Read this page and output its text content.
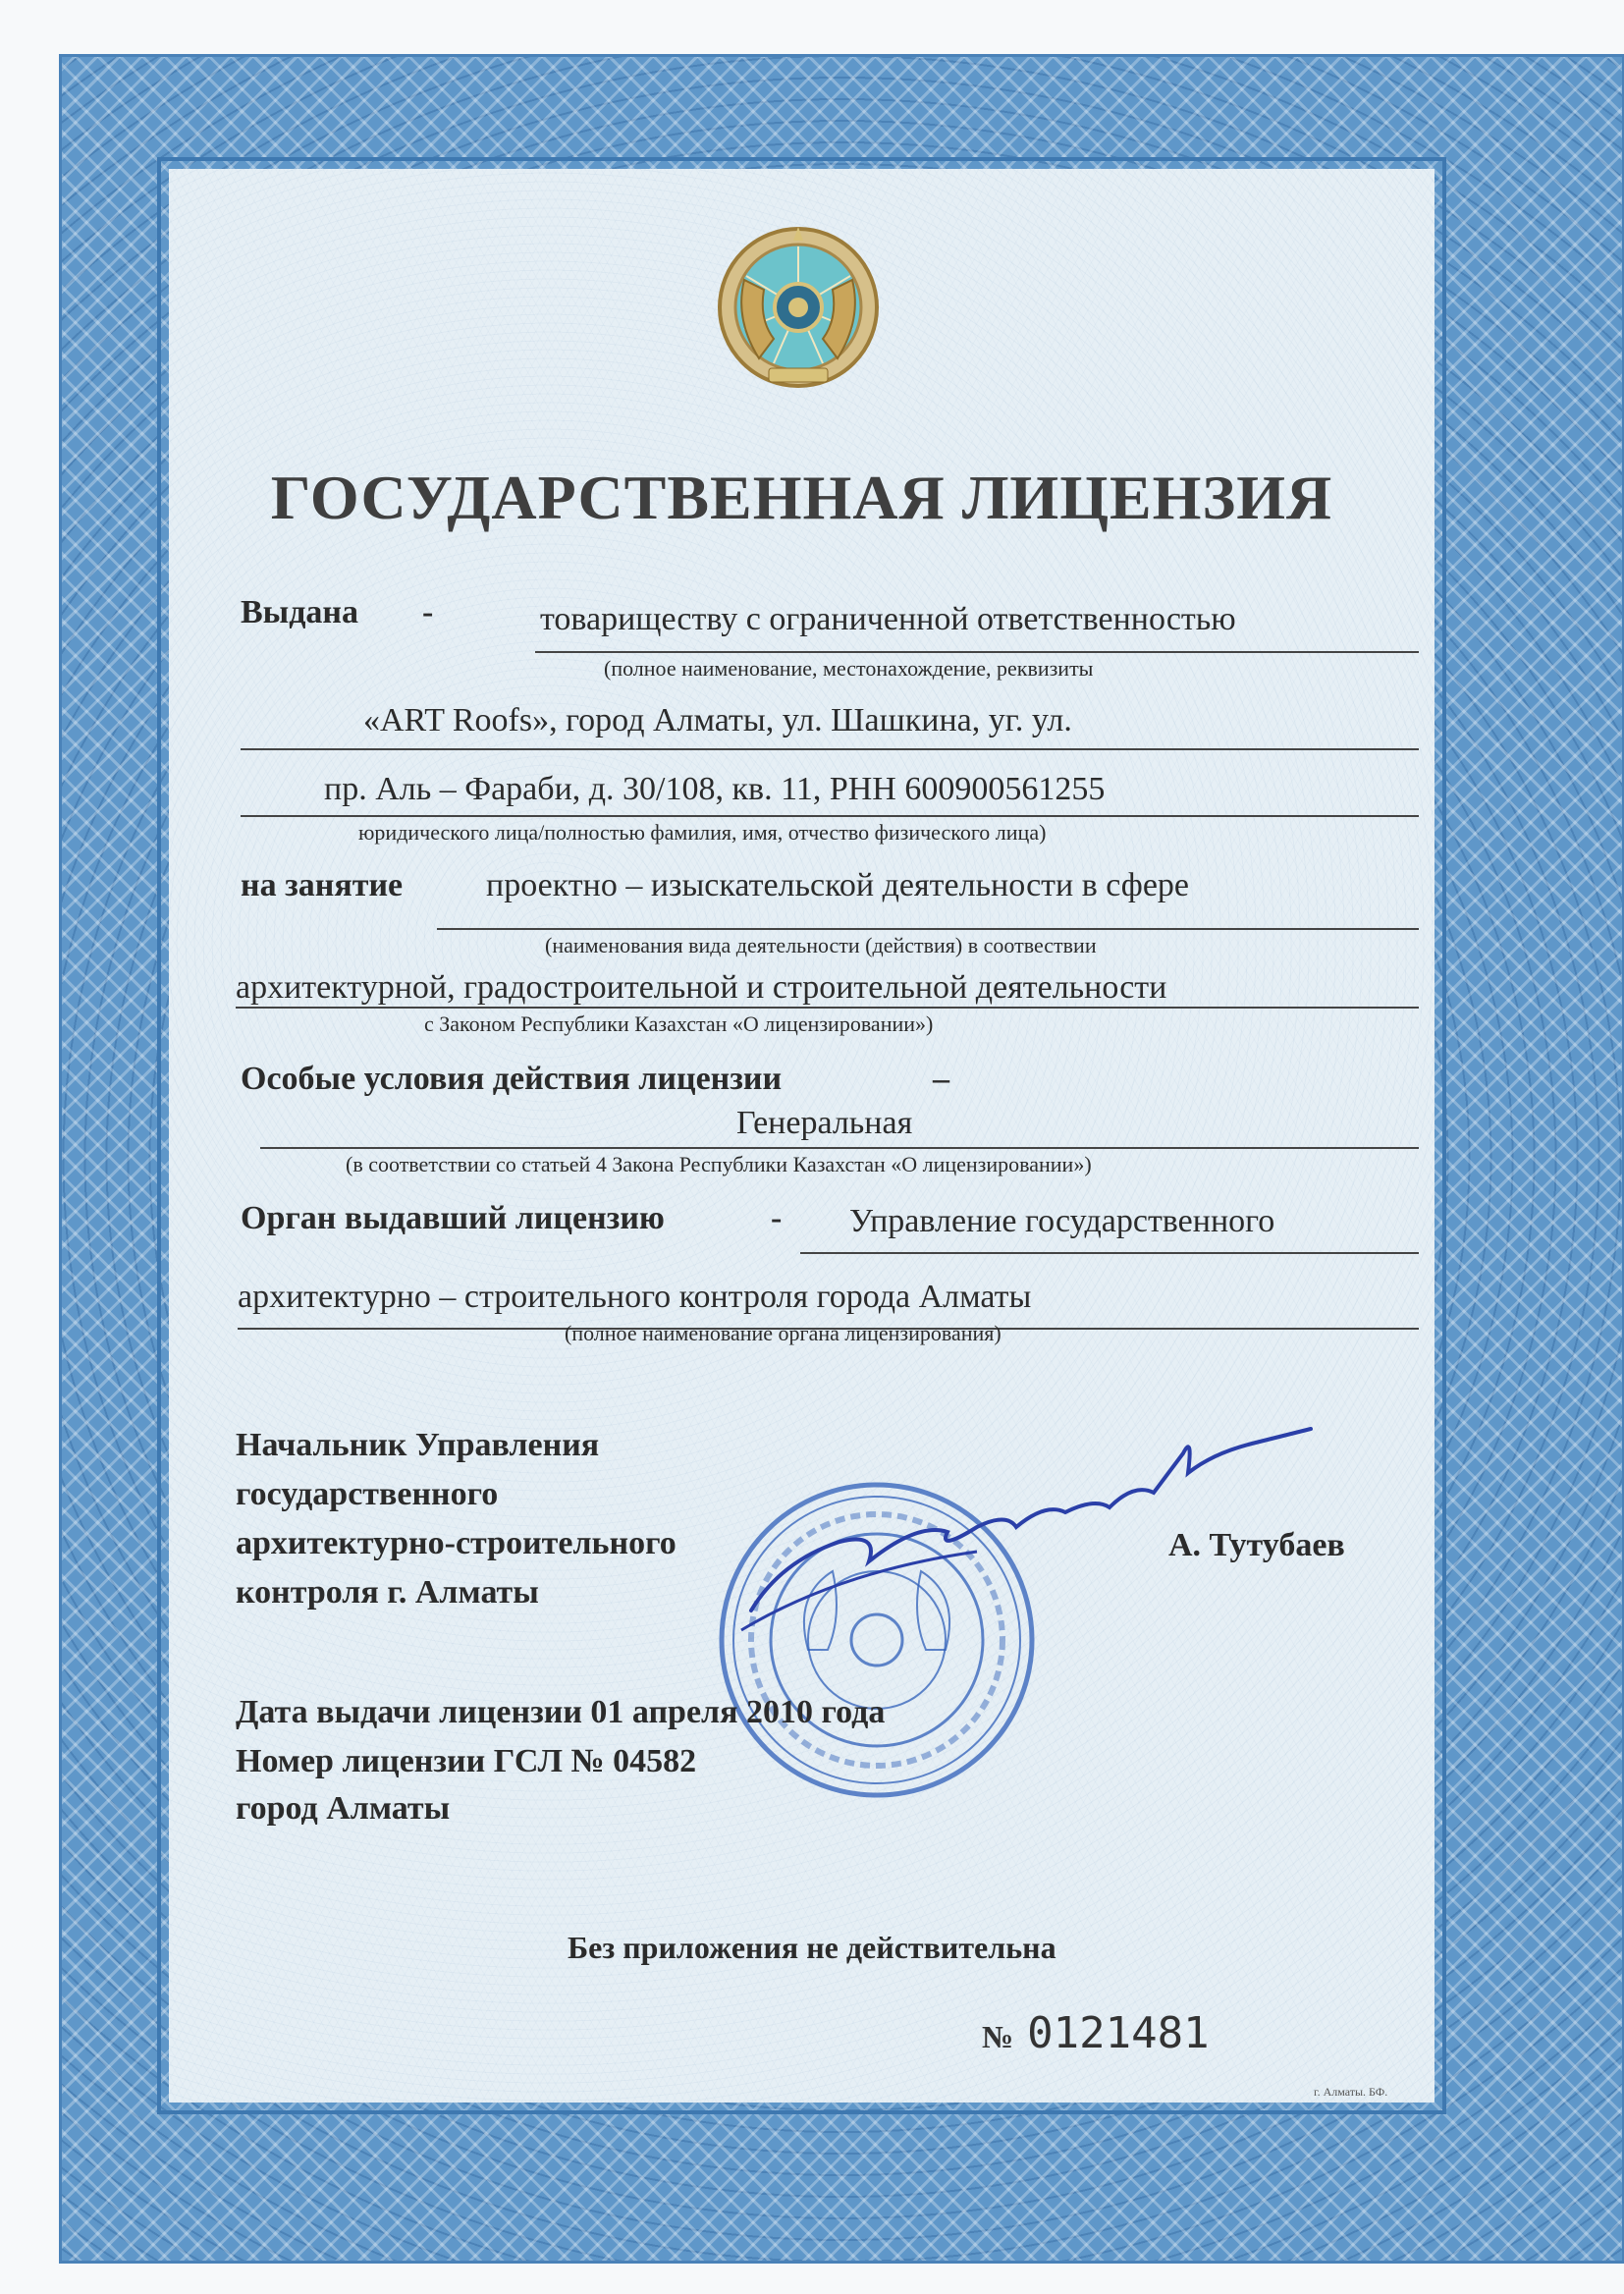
ГОСУДАРСТВЕННАЯ ЛИЦЕНЗИЯ
Выдана -	товариществу с ограниченной ответственностью
(полное наименование, местонахождение, реквизиты
«ART Roofs», город Алматы, ул. Шашкина, уг. ул.
пр. Аль – Фараби, д. 30/108, кв. 11, РНН 600900561255
юридического лица/полностью фамилия, имя, отчество физического лица)
на занятие проектно – изыскательской деятельности в сфере
(наименования вида деятельности (действия) в соотвествии
архитектурной, градостроительной и строительной деятельности
с Законом Республики Казахстан «О лицензировании»)
Особые условия действия лицензии	–
Генеральная
(в соответствии со статьей 4 Закона Республики Казахстан «О лицензировании»)
Орган выдавший лицензию	- Управление государственного
архитектурно – строительного контроля города Алматы
(полное наименование органа лицензирования)
Начальник Управления
государственного
архитектурно-строительного
контроля г. Алматы
А. Тутубаев
Дата выдачи лицензии 01 апреля 2010 года
Номер лицензии ГСЛ № 04582
город Алматы
Без приложения не действительна
№ 0121481
г. Алматы. БФ.
